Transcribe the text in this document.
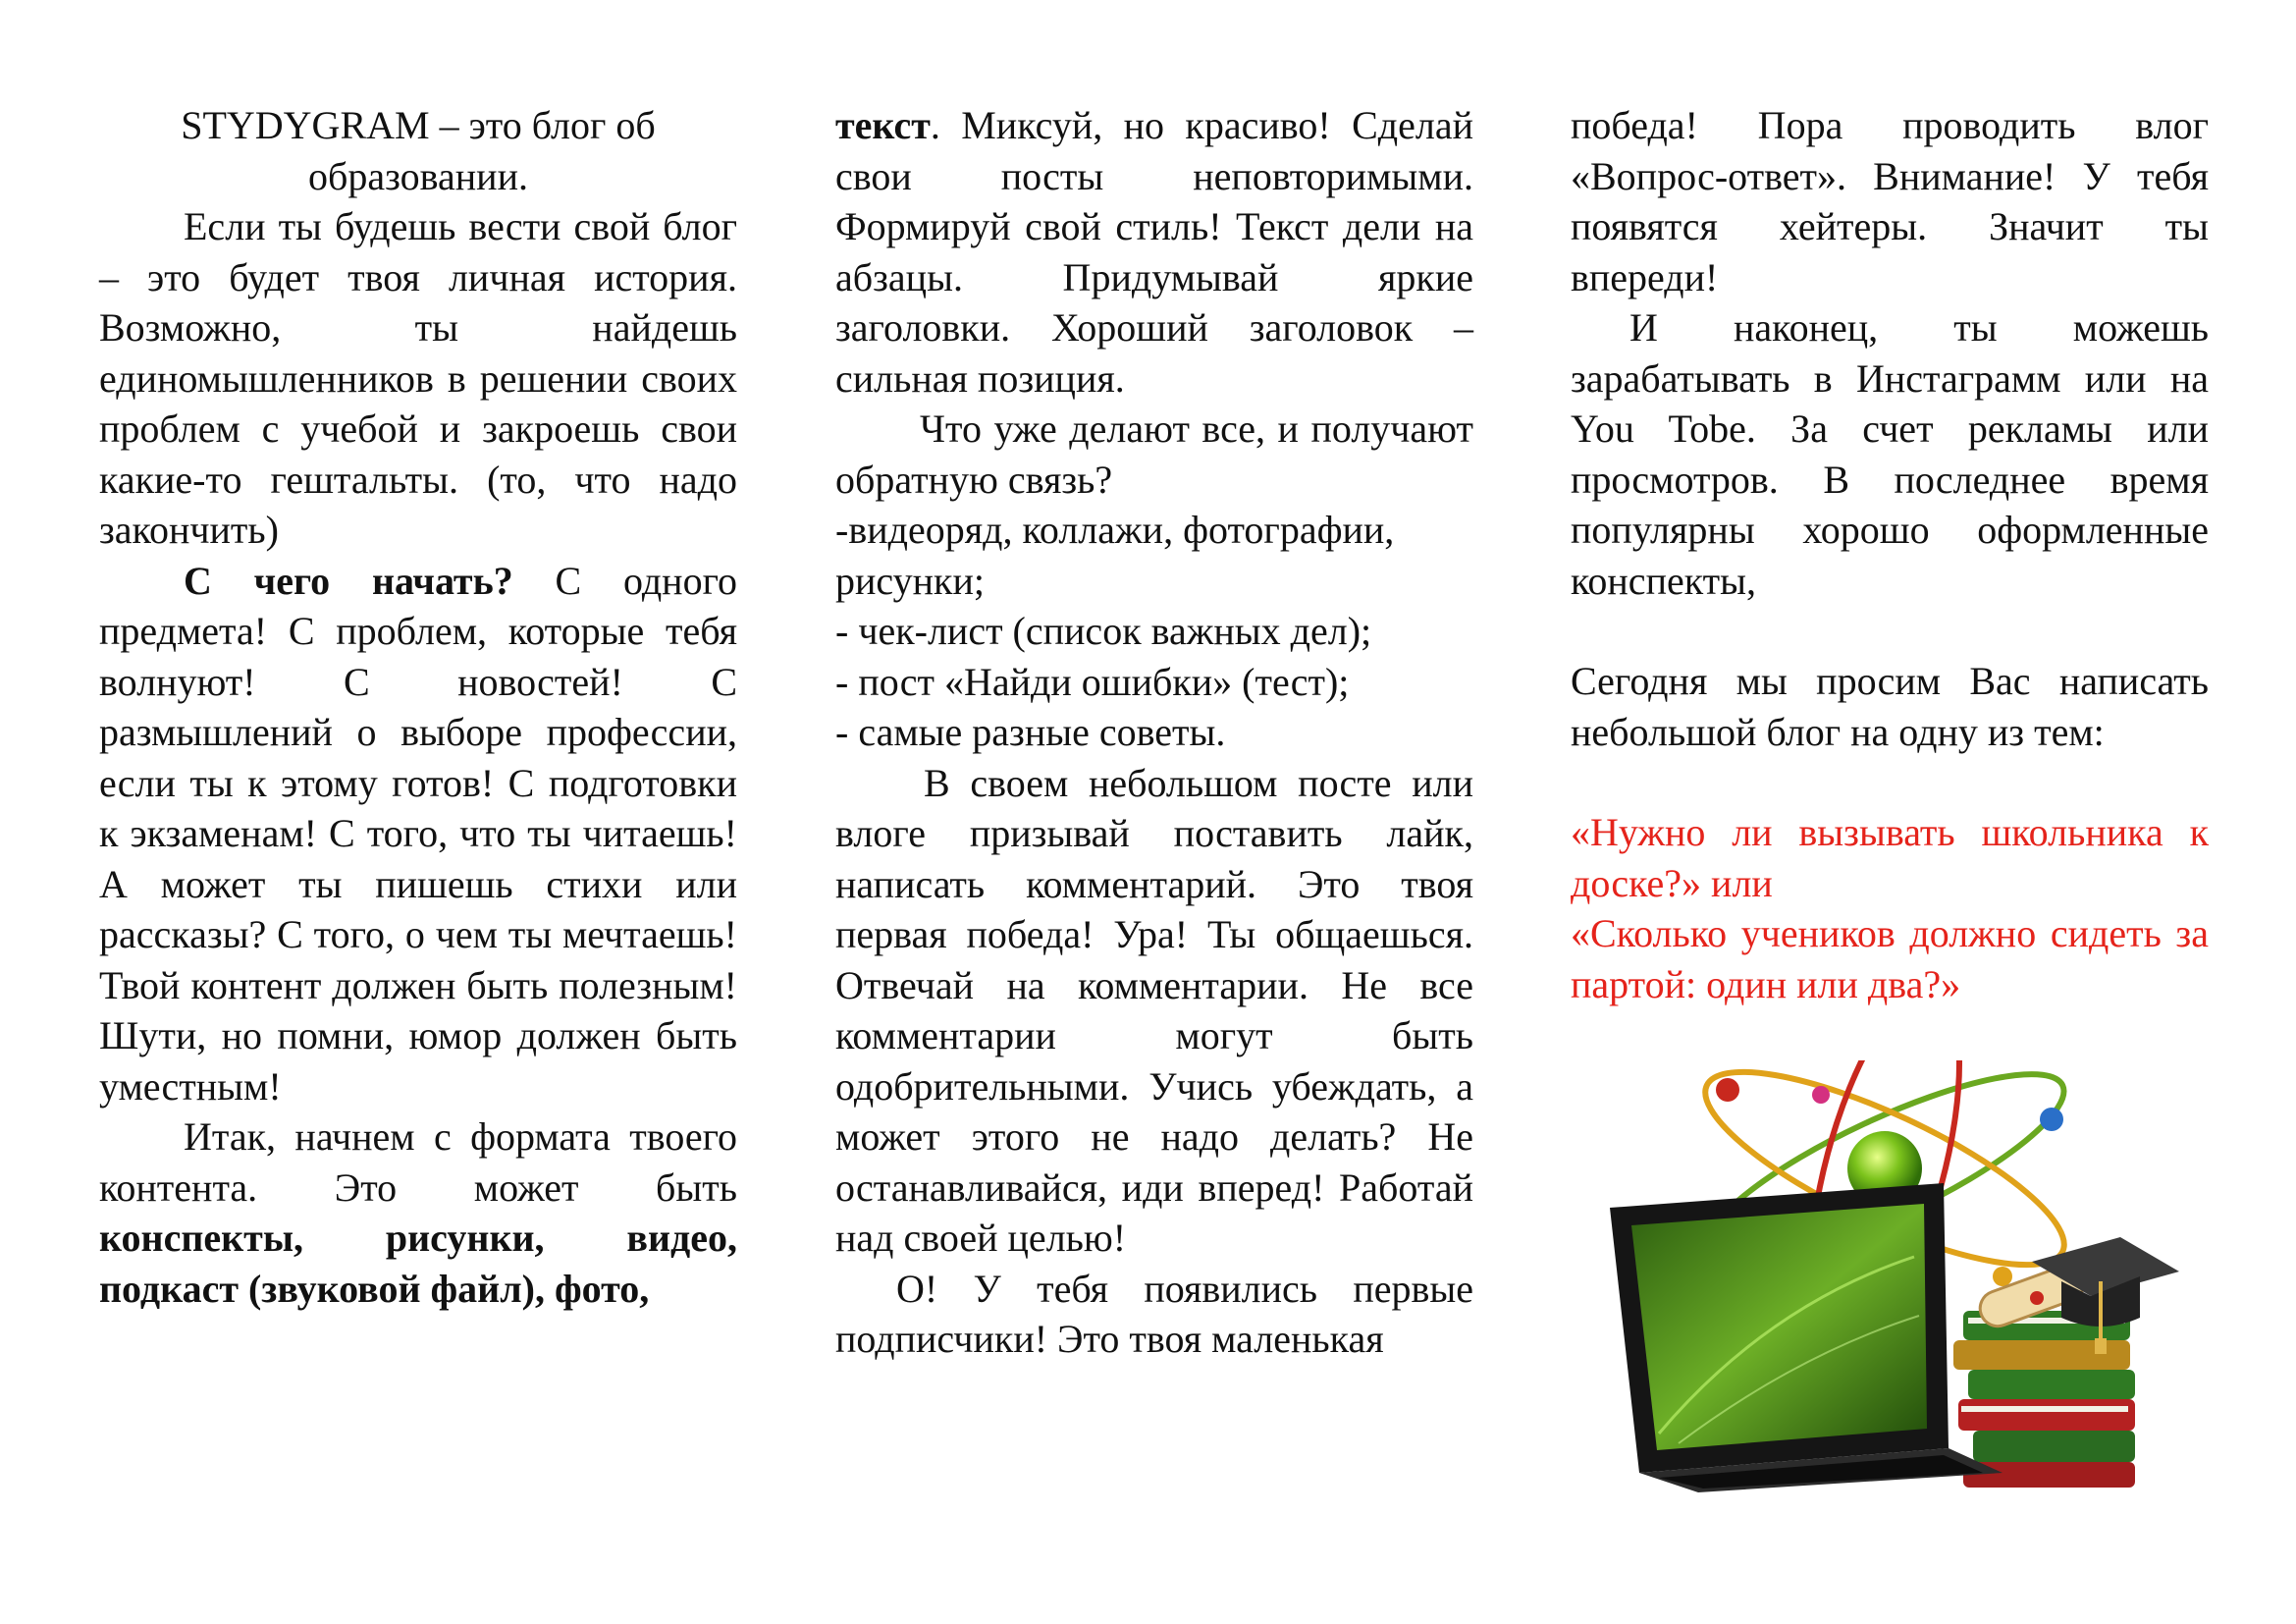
STYDYGRAM – это блог об образовании.

Если ты будешь вести свой блог – это будет твоя личная история. Возможно, ты найдешь единомышленников в решении своих проблем с учебой и закроешь свои какие-то гештальты. (то, что надо закончить)

С чего начать? С одного предмета! С проблем, которые тебя волнуют! С новостей! С размышлений о выборе профессии, если ты к этому готов! С подготовки к экзаменам! С того, что ты читаешь! А может ты пишешь стихи или рассказы? С того, о чем ты мечтаешь! Твой контент должен быть полезным! Шути, но помни, юмор должен быть уместным!

Итак, начнем с формата твоего контента. Это может быть конспекты, рисунки, видео, подкаст (звуковой файл), фото,

текст. Миксуй, но красиво! Сделай свои посты неповторимыми. Формируй свой стиль! Текст дели на абзацы. Придумывай яркие заголовки. Хороший заголовок – сильная позиция.

Что уже делают все, и получают обратную связь?

-видеоряд, коллажи, фотографии, рисунки;

- чек-лист (список важных дел);

- пост «Найди ошибки» (тест);

- самые разные советы.

В своем небольшом посте или влоге призывай поставить лайк, написать комментарий. Это твоя первая победа! Ура! Ты общаешься. Отвечай на комментарии. Не все комментарии могут быть одобрительными. Учись убеждать, а может этого не надо делать? Не останавливайся, иди вперед! Работай над своей целью!

О! У тебя появились первые подписчики! Это твоя маленькая

победа! Пора проводить влог «Вопрос-ответ». Внимание! У тебя появятся хейтеры. Значит ты впереди!

И наконец, ты можешь зарабатывать в Инстаграмм или на You Tobe. За счет рекламы или просмотров. В последнее время популярны хорошо оформленные конспекты,

Сегодня мы просим Вас написать небольшой блог на одну из тем:

«Нужно ли вызывать школьника к доске?» или

«Сколько учеников должно сидеть за партой: один или два?»
